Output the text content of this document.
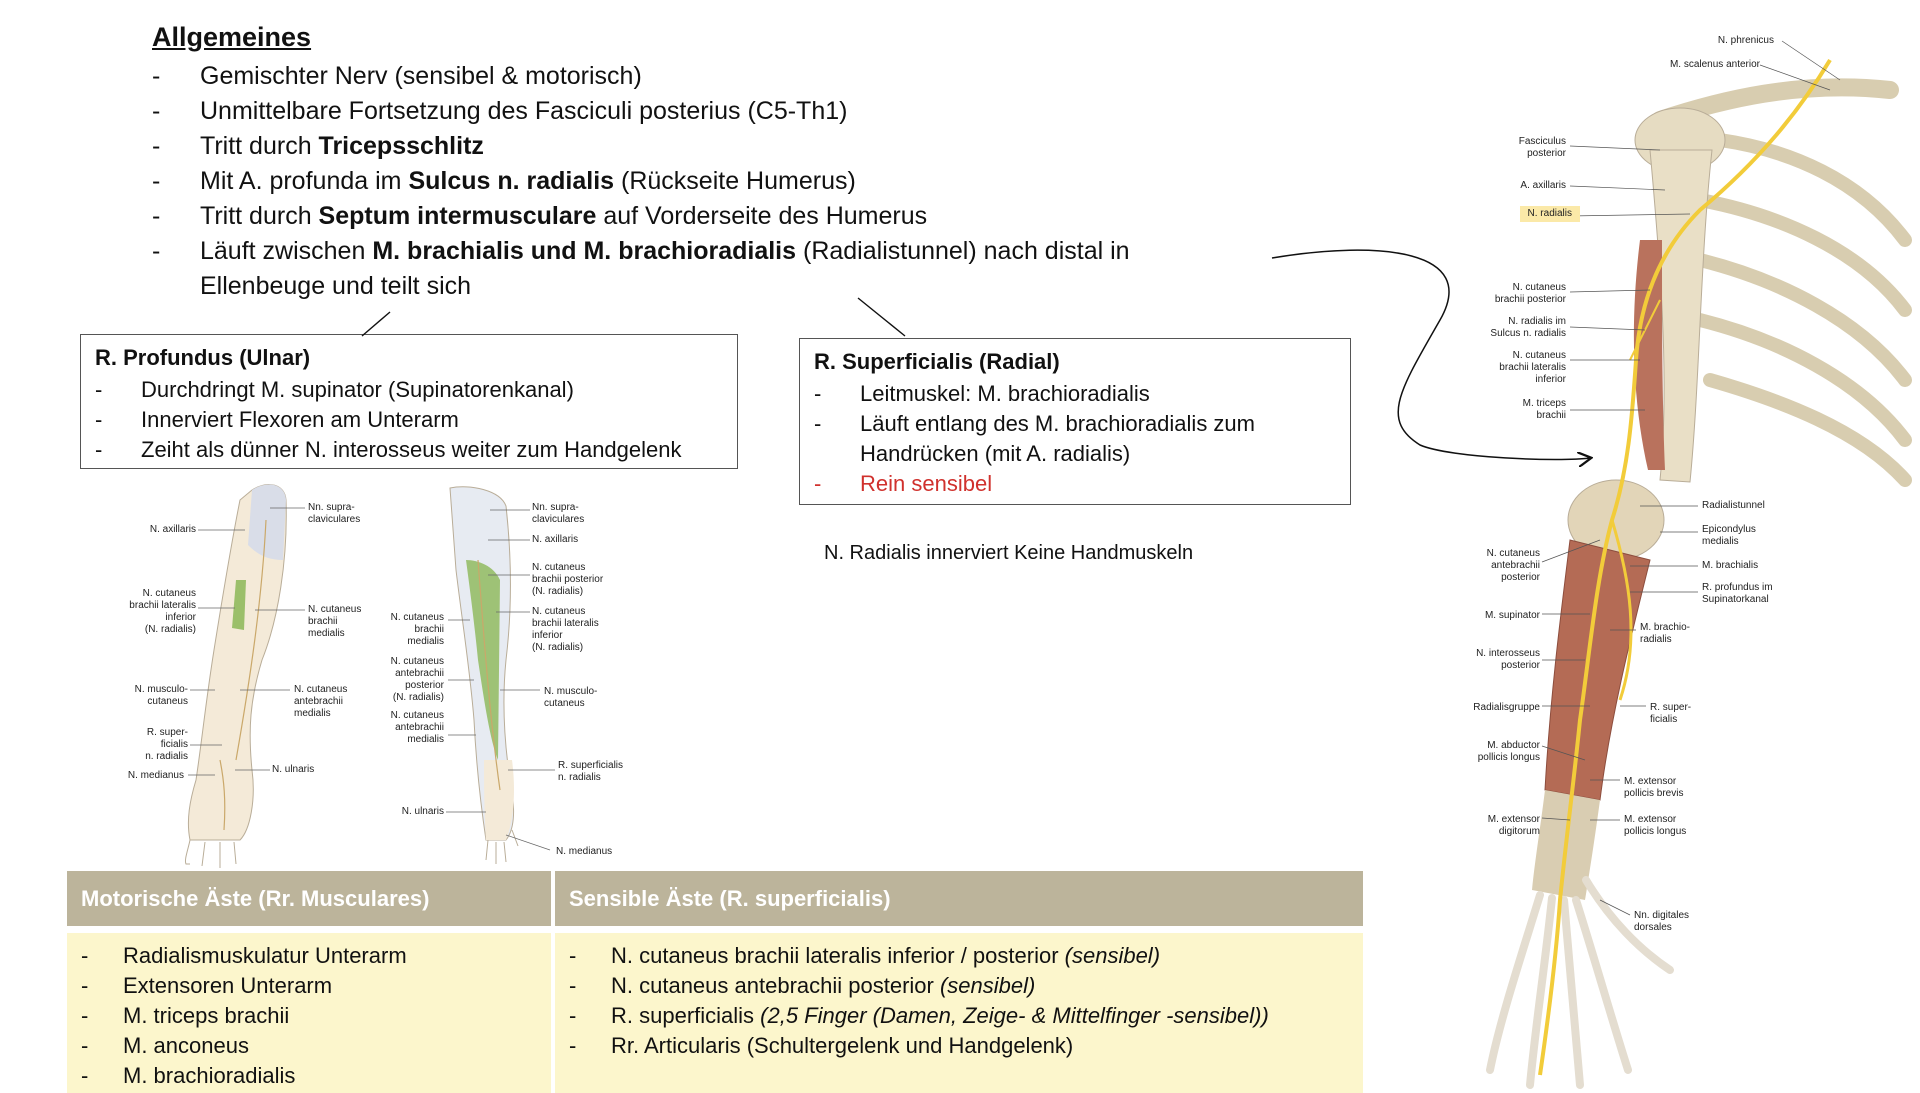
Allgemeines
- Gemischter Nerv (sensibel & motorisch)
- Unmittelbare Fortsetzung des Fasciculi posterius (C5-Th1)
- Tritt durch Tricepsschlitz
- Mit A. profunda im Sulcus n. radialis (Rückseite Humerus)
- Tritt durch Septum intermusculare auf Vorderseite des Humerus
- Läuft zwischen M. brachialis und M. brachioradialis (Radialistunnel) nach distal in Ellenbeuge und teilt sich
R. Profundus (Ulnar)
- Durchdringt M. supinator (Supinatorenkanal)
- Innerviert Flexoren am Unterarm
- Zeiht als dünner N. interosseus weiter zum Handgelenk
R. Superficialis (Radial)
- Leitmuskel: M. brachioradialis
- Läuft entlang des M. brachioradialis zum Handrücken (mit A. radialis)
- Rein sensibel
N. Radialis innerviert Keine Handmuskeln
Motorische Äste (Rr. Musculares)	Sensible Äste (R. superficialis)
- Radialismuskulatur Unterarm
- Extensoren Unterarm
- M. triceps brachii
- M. anconeus
- M. brachioradialis
- N. cutaneus brachii lateralis inferior / posterior (sensibel)
- N. cutaneus antebrachii posterior (sensibel)
- R. superficialis (2,5 Finger (Damen, Zeige- & Mittelfinger -sensibel))
- Rr. Articularis (Schultergelenk und Handgelenk)
N. axillaris
Nn. supra-
claviculares
N. cutaneus
brachii lateralis
inferior
(N. radialis)
N. cutaneus
brachii
medialis
N. musculo-
cutaneus
N. cutaneus
antebrachii
medialis
R. super-
ficialis
n. radialis
N. medianus
N. ulnaris
Nn. supra-
claviculares
N. axillaris
N. cutaneus
brachii posterior
(N. radialis)
N. cutaneus
brachii
medialis
N. cutaneus
brachii lateralis
inferior
(N. radialis)
N. cutaneus
antebrachii
posterior
(N. radialis)
N. musculo-
cutaneus
N. cutaneus
antebrachii
medialis
R. superficialis
n. radialis
N. ulnaris
N. medianus
N. phrenicus
M. scalenus anterior
Fasciculus
posterior
A. axillaris
N. radialis
N. cutaneus
brachii posterior
N. radialis im
Sulcus n. radialis
N. cutaneus
brachii lateralis
inferior
M. triceps
brachii
Radialistunnel
Epicondylus
medialis
M. brachialis
R. profundus im
Supinatorkanal
N. cutaneus
antebrachii
posterior
M. supinator
M. brachio-
radialis
N. interosseus
posterior
Radialisgruppe	R. super-
ficialis
M. abductor
pollicis longus
M. extensor
pollicis brevis
M. extensor
digitorum
M. extensor
pollicis longus
Nn. digitales
dorsales
